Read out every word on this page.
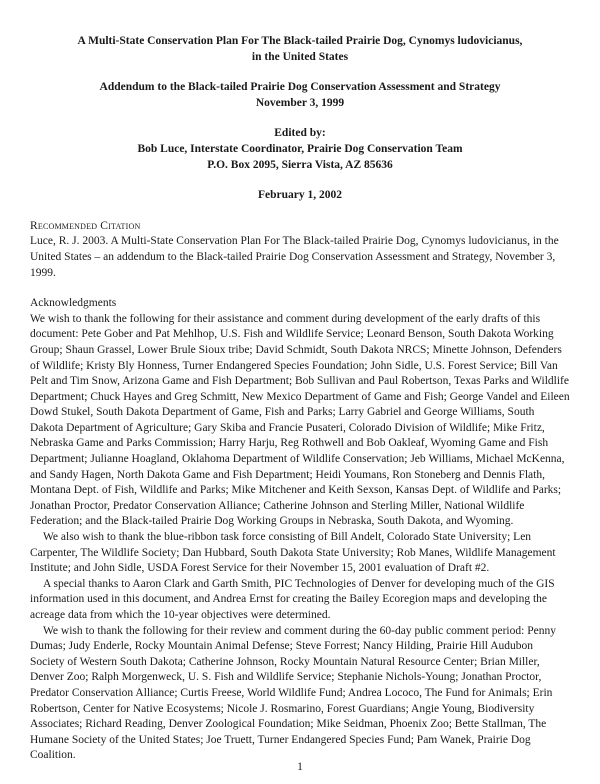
A Multi-State Conservation Plan For The Black-tailed Prairie Dog, Cynomys ludovicianus,
in the United States
Addendum to the Black-tailed Prairie Dog Conservation Assessment and Strategy
November 3, 1999
Edited by:
Bob Luce, Interstate Coordinator, Prairie Dog Conservation Team
P.O. Box 2095, Sierra Vista, AZ 85636
February 1, 2002
Recommended Citation

Luce, R. J. 2003. A Multi-State Conservation Plan For The Black-tailed Prairie Dog, Cynomys ludovicianus, in the United States – an addendum to the Black-tailed Prairie Dog Conservation Assessment and Strategy, November 3, 1999.

Acknowledgments

We wish to thank the following for their assistance and comment during development of the early drafts of this document: Pete Gober and Pat Mehlhop, U.S. Fish and Wildlife Service; Leonard Benson, South Dakota Working Group; Shaun Grassel, Lower Brule Sioux tribe; David Schmidt, South Dakota NRCS; Minette Johnson, Defenders of Wildlife; Kristy Bly Honness, Turner Endangered Species Foundation; John Sidle, U.S. Forest Service; Bill Van Pelt and Tim Snow, Arizona Game and Fish Department; Bob Sullivan and Paul Robertson, Texas Parks and Wildlife Department; Chuck Hayes and Greg Schmitt, New Mexico Department of Game and Fish; George Vandel and Eileen Dowd Stukel, South Dakota Department of Game, Fish and Parks; Larry Gabriel and George Williams, South Dakota Department of Agriculture; Gary Skiba and Francie Pusateri, Colorado Division of Wildlife; Mike Fritz, Nebraska Game and Parks Commission; Harry Harju, Reg Rothwell and Bob Oakleaf, Wyoming Game and Fish Department; Julianne Hoagland, Oklahoma Department of Wildlife Conservation; Jeb Williams, Michael McKenna, and Sandy Hagen, North Dakota Game and Fish Department; Heidi Youmans, Ron Stoneberg and Dennis Flath, Montana Dept. of Fish, Wildlife and Parks; Mike Mitchener and Keith Sexson, Kansas Dept. of Wildlife and Parks; Jonathan Proctor, Predator Conservation Alliance; Catherine Johnson and Sterling Miller, National Wildlife Federation; and the Black-tailed Prairie Dog Working Groups in Nebraska, South Dakota, and Wyoming.

We also wish to thank the blue-ribbon task force consisting of Bill Andelt, Colorado State University; Len Carpenter, The Wildlife Society; Dan Hubbard, South Dakota State University; Rob Manes, Wildlife Management Institute; and John Sidle, USDA Forest Service for their November 15, 2001 evaluation of Draft #2.

A special thanks to Aaron Clark and Garth Smith, PIC Technologies of Denver for developing much of the GIS information used in this document, and Andrea Ernst for creating the Bailey Ecoregion maps and developing the acreage data from which the 10-year objectives were determined.

We wish to thank the following for their review and comment during the 60-day public comment period: Penny Dumas; Judy Enderle, Rocky Mountain Animal Defense; Steve Forrest; Nancy Hilding, Prairie Hill Audubon Society of Western South Dakota; Catherine Johnson, Rocky Mountain Natural Resource Center; Brian Miller, Denver Zoo; Ralph Morgenweck, U. S. Fish and Wildlife Service; Stephanie Nichols-Young; Jonathan Proctor, Predator Conservation Alliance; Curtis Freese, World Wildlife Fund; Andrea Lococo, The Fund for Animals; Erin Robertson, Center for Native Ecosystems; Nicole J. Rosmarino, Forest Guardians; Angie Young, Biodiversity Associates; Richard Reading, Denver Zoological Foundation; Mike Seidman, Phoenix Zoo; Bette Stallman, The Humane Society of the United States; Joe Truett, Turner Endangered Species Fund; Pam Wanek, Prairie Dog Coalition.

1
